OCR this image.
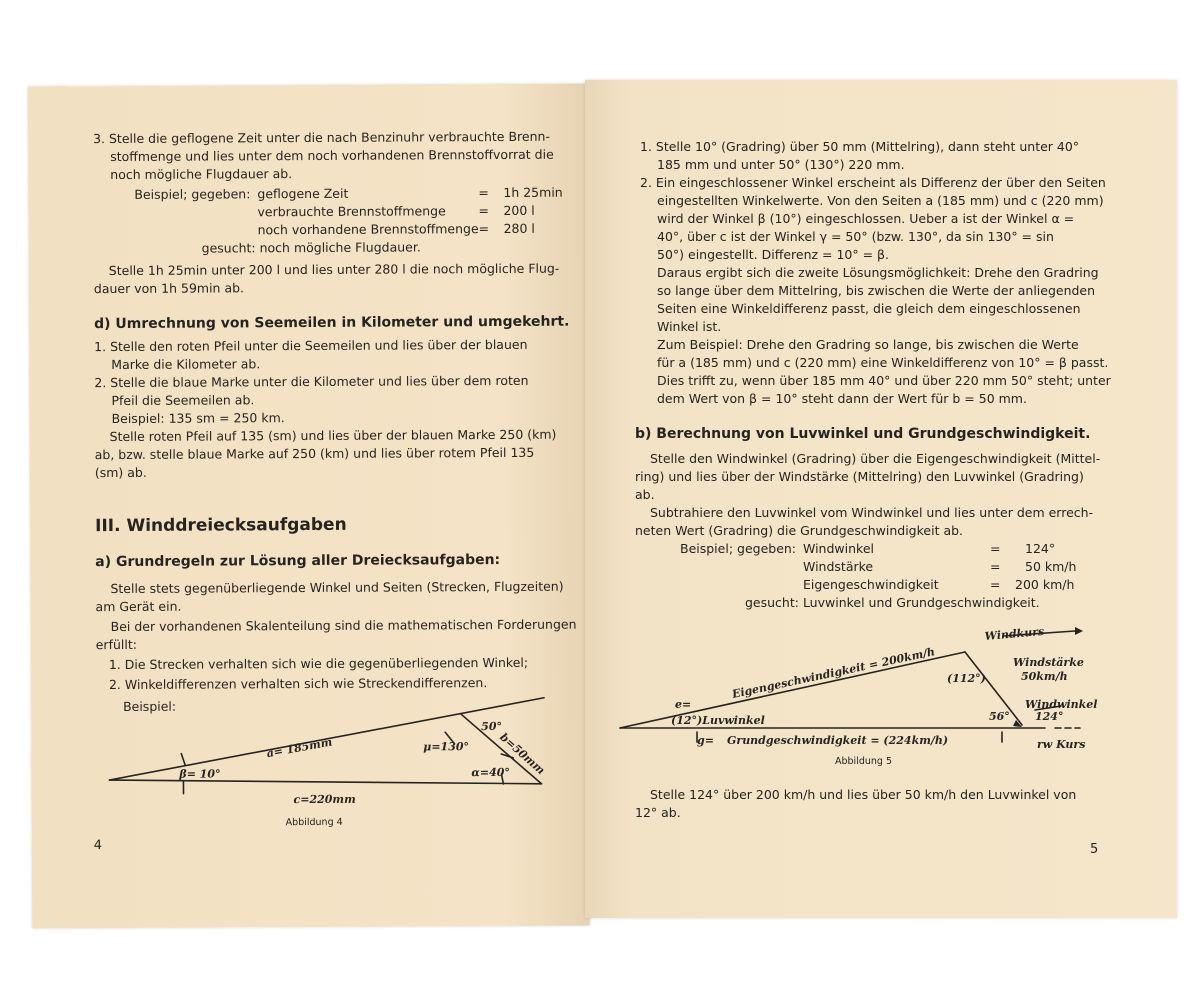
3. Stelle die geflogene Zeit unter die nach Benzinuhr verbrauchte Brenn-
stoffmenge und lies unter dem noch vorhandenen Brennstoffvorrat die
noch mögliche Flugdauer ab.
Beispiel; gegeben: geflogene Zeit	= 1h 25min
verbrauchte Brennstoffmenge	= 200 l
noch vorhandene Brennstoffmenge = 280 l
gesucht: noch mögliche Flugdauer.
Stelle 1h 25min unter 200 l und lies unter 280 l die noch mögliche Flug-
dauer von 1h 59min ab.
d) Umrechnung von Seemeilen in Kilometer und umgekehrt.
1. Stelle den roten Pfeil unter die Seemeilen und lies über der blauen
Marke die Kilometer ab.
2. Stelle die blaue Marke unter die Kilometer und lies über dem roten
Pfeil die Seemeilen ab.
Beispiel: 135 sm = 250 km.
Stelle roten Pfeil auf 135 (sm) und lies über der blauen Marke 250 (km)
ab, bzw. stelle blaue Marke auf 250 (km) und lies über rotem Pfeil 135
(sm) ab.
III. Winddreiecksaufgaben
a) Grundregeln zur Lösung aller Dreiecksaufgaben:
Stelle stets gegenüberliegende Winkel und Seiten (Strecken, Flugzeiten)
am Gerät ein.
Bei der vorhandenen Skalenteilung sind die mathematischen Forderungen
erfüllt:
1. Die Strecken verhalten sich wie die gegenüberliegenden Winkel;
2. Winkeldifferenzen verhalten sich wie Streckendifferenzen.
Beispiel:
a= 185mm
β= 10°
μ=130°
50°
b=50mm
α=40°
c=220mm
Abbildung 4
4
1. Stelle 10° (Gradring) über 50 mm (Mittelring), dann steht unter 40°
185 mm und unter 50° (130°) 220 mm.
2. Ein eingeschlossener Winkel erscheint als Differenz der über den Seiten
eingestellten Winkelwerte. Von den Seiten a (185 mm) und c (220 mm)
wird der Winkel β (10°) eingeschlossen. Ueber a ist der Winkel α =
40°, über c ist der Winkel γ = 50° (bzw. 130°, da sin 130° = sin
50°) eingestellt. Differenz = 10° = β.
Daraus ergibt sich die zweite Lösungsmöglichkeit: Drehe den Gradring
so lange über dem Mittelring, bis zwischen die Werte der anliegenden
Seiten eine Winkeldifferenz passt, die gleich dem eingeschlossenen
Winkel ist.
Zum Beispiel: Drehe den Gradring so lange, bis zwischen die Werte
für a (185 mm) und c (220 mm) eine Winkeldifferenz von 10° = β passt.
Dies trifft zu, wenn über 185 mm 40° und über 220 mm 50° steht; unter
dem Wert von β = 10° steht dann der Wert für b = 50 mm.
b) Berechnung von Luvwinkel und Grundgeschwindigkeit.
Stelle den Windwinkel (Gradring) über die Eigengeschwindigkeit (Mittel-
ring) und lies über der Windstärke (Mittelring) den Luvwinkel (Gradring)
ab.
Subtrahiere den Luvwinkel vom Windwinkel und lies unter dem errech-
neten Wert (Gradring) die Grundgeschwindigkeit ab.
Beispiel; gegeben: Windwinkel	= 124°
Windstärke	= 50 km/h
Eigengeschwindigkeit	= 200 km/h
gesucht: Luvwinkel und Grundgeschwindigkeit.
Windkurs
Eigengeschwindigkeit = 200km/h	Windstärke
50km/h
e=
(112°)
Windwinkel
124°
(12°)Luvwinkel	56°
g= Grundgeschwindigkeit = (224km/h)	rw Kurs
Abbildung 5
Stelle 124° über 200 km/h und lies über 50 km/h den Luvwinkel von
12° ab.
5
